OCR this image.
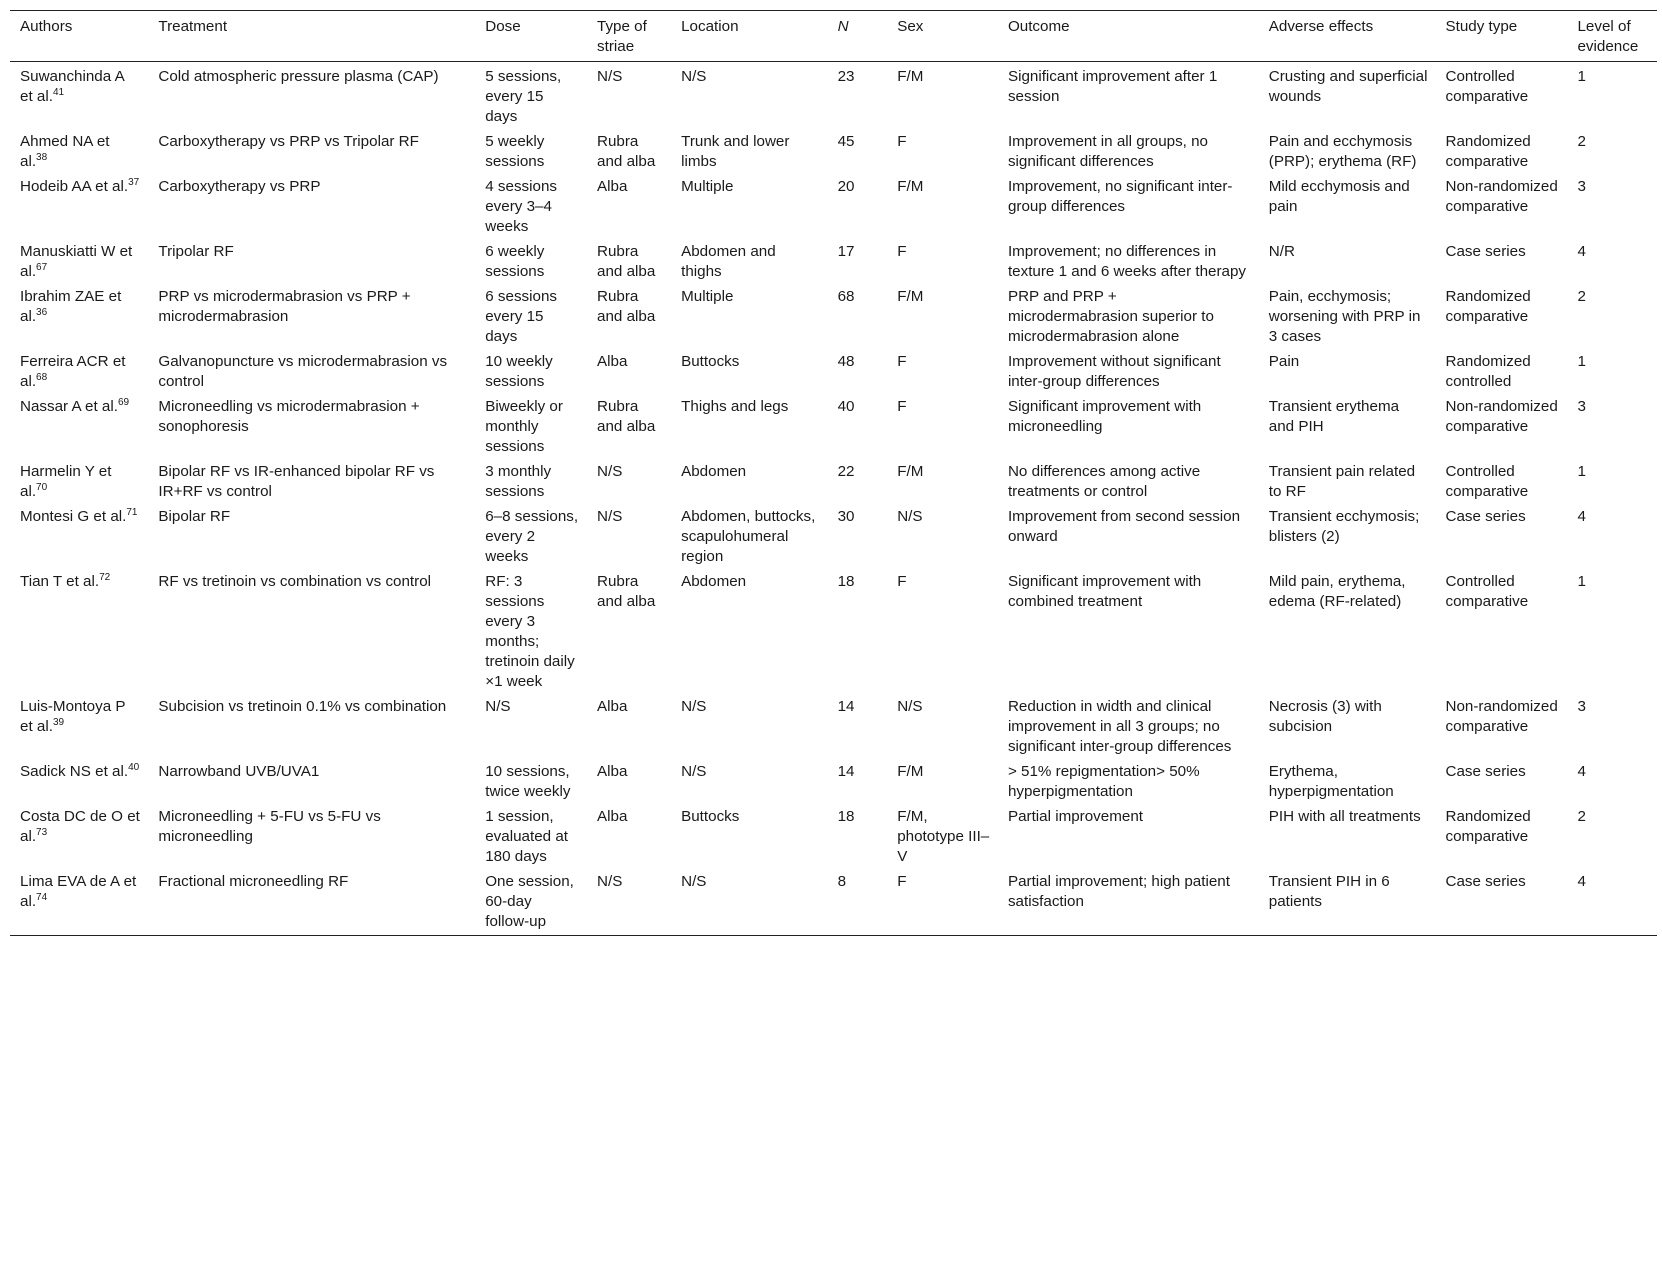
Authors	Treatment	Dose	Type of striae	Location	N	Sex	Outcome	Adverse effects	Study type	Level of evidence
Suwanchinda A et al.$^{41}$	Cold atmospheric pressure plasma (CAP)	5 sessions, every 15 days	N/S	N/S	23	F/M	Significant improvement after 1 session	Crusting and superficial wounds	Controlled comparative	1
Ahmed NA et al.$^{38}$	Carboxytherapy vs PRP vs Tripolar RF	5 weekly sessions	Rubra and alba	Trunk and lower limbs	45	F	Improvement in all groups, no significant differences	Pain and ecchymosis (PRP); erythema (RF)	Randomized comparative	2
Hodeib AA et al.$^{37}$	Carboxytherapy vs PRP	4 sessions every 3–4 weeks	Alba	Multiple	20	F/M	Improvement, no significant inter-group differences	Mild ecchymosis and pain	Non-randomized comparative	3
Manuskiatti W et al.$^{67}$	Tripolar RF	6 weekly sessions	Rubra and alba	Abdomen and thighs	17	F	Improvement; no differences in texture 1 and 6 weeks after therapy	N/R	Case series	4
Ibrahim ZAE et al.$^{36}$	PRP vs microdermabrasion vs PRP + microdermabrasion	6 sessions every 15 days	Rubra and alba	Multiple	68	F/M	PRP and PRP + microdermabrasion superior to microdermabrasion alone	Pain, ecchymosis; worsening with PRP in 3 cases	Randomized comparative	2
Ferreira ACR et al.$^{68}$	Galvanopuncture vs microdermabrasion vs control	10 weekly sessions	Alba	Buttocks	48	F	Improvement without significant inter-group differences	Pain	Randomized controlled	1
Nassar A et al.$^{69}$	Microneedling vs microdermabrasion + sonophoresis	Biweekly or monthly sessions	Rubra and alba	Thighs and legs	40	F	Significant improvement with microneedling	Transient erythema and PIH	Non-randomized comparative	3
Harmelin Y et al.$^{70}$	Bipolar RF vs IR-enhanced bipolar RF vs IR+RF vs control	3 monthly sessions	N/S	Abdomen	22	F/M	No differences among active treatments or control	Transient pain related to RF	Controlled comparative	1
Montesi G et al.$^{71}$	Bipolar RF	6–8 sessions, every 2 weeks	N/S	Abdomen, buttocks, scapulohumeral region	30	N/S	Improvement from second session onward	Transient ecchymosis; blisters (2)	Case series	4
Tian T et al.$^{72}$	RF vs tretinoin vs combination vs control	RF: 3 sessions every 3 months; tretinoin daily ×1 week	Rubra and alba	Abdomen	18	F	Significant improvement with combined treatment	Mild pain, erythema, edema (RF-related)	Controlled comparative	1
Luis-Montoya P et al.$^{39}$	Subcision vs tretinoin 0.1% vs combination	N/S	Alba	N/S	14	N/S	Reduction in width and clinical improvement in all 3 groups; no significant inter-group differences	Necrosis (3) with subcision	Non-randomized comparative	3
Sadick NS et al.$^{40}$	Narrowband UVB/UVA1	10 sessions, twice weekly	Alba	N/S	14	F/M	> 51% repigmentation> 50% hyperpigmentation	Erythema, hyperpigmentation	Case series	4
Costa DC de O et al.$^{73}$	Microneedling + 5-FU vs 5-FU vs microneedling	1 session, evaluated at 180 days	Alba	Buttocks	18	F/M, phototype III–V	Partial improvement	PIH with all treatments	Randomized comparative	2
Lima EVA de A et al.$^{74}$	Fractional microneedling RF	One session, 60-day follow-up	N/S	N/S	8	F	Partial improvement; high patient satisfaction	Transient PIH in 6 patients	Case series	4
